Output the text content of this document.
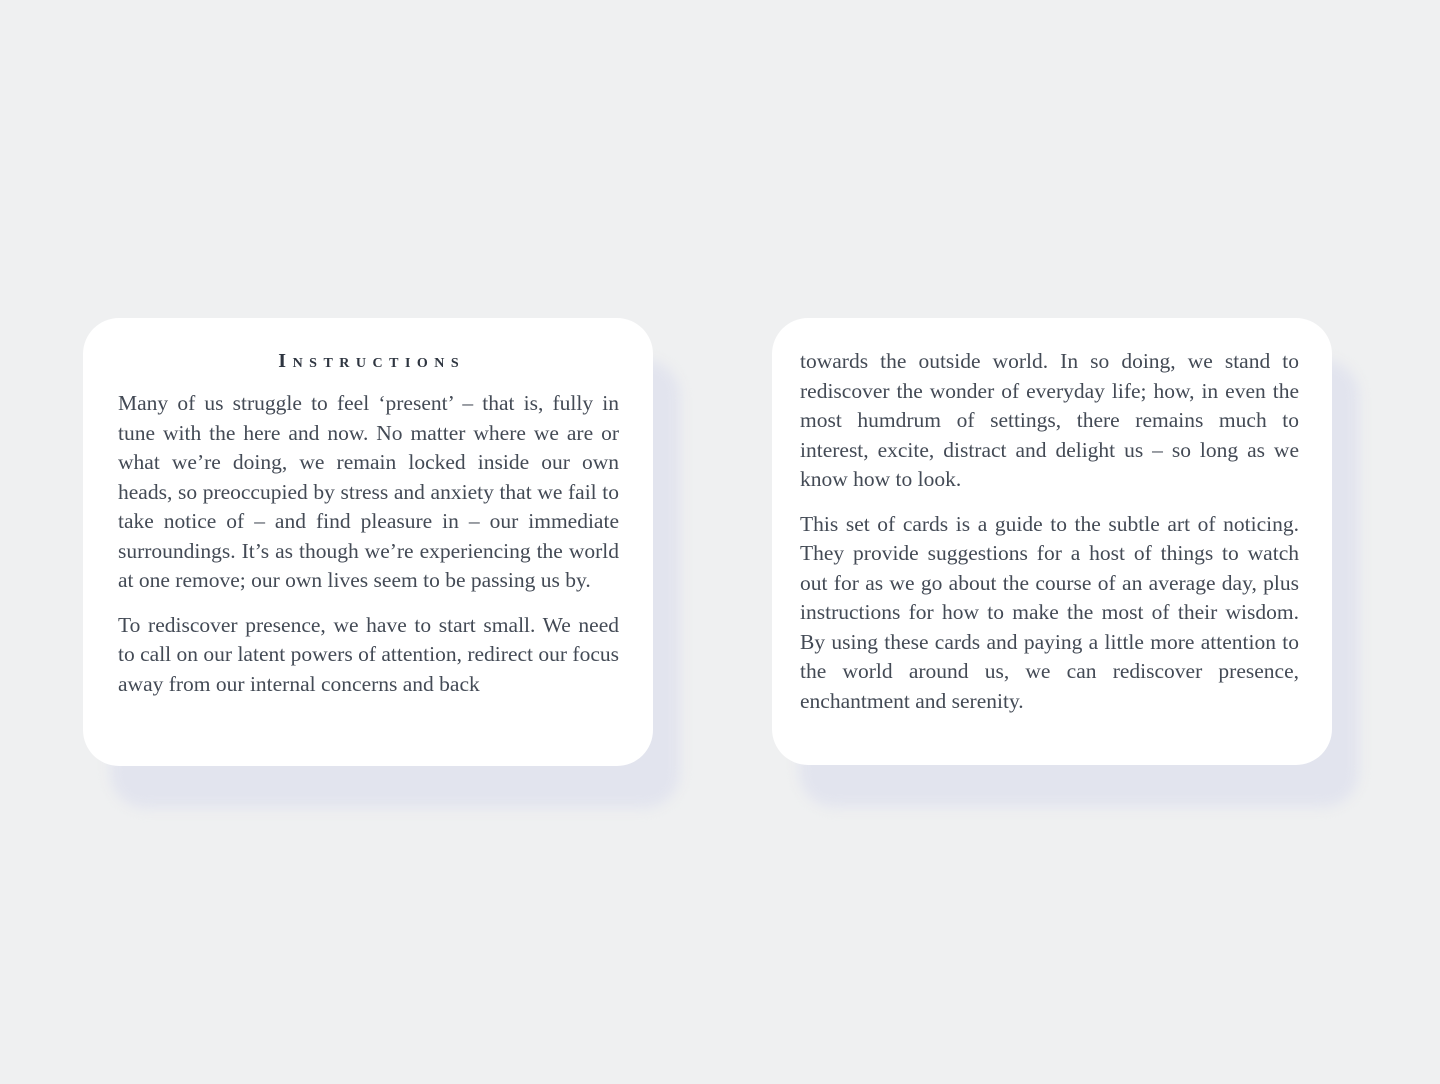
Instructions

Many of us struggle to feel ‘present’ – that is, fully in tune with the here and now. No matter where we are or what we’re doing, we remain locked inside our own heads, so preoccupied by stress and anxiety that we fail to take notice of – and find pleasure in – our immediate surroundings. It’s as though we’re experiencing the world at one remove; our own lives seem to be passing us by.

To rediscover presence, we have to start small. We need to call on our latent powers of attention, redirect our focus away from our internal concerns and back

towards the outside world. In so doing, we stand to rediscover the wonder of everyday life; how, in even the most humdrum of settings, there remains much to interest, excite, distract and delight us – so long as we know how to look.

This set of cards is a guide to the subtle art of noticing. They provide suggestions for a host of things to watch out for as we go about the course of an average day, plus instructions for how to make the most of their wisdom. By using these cards and paying a little more attention to the world around us, we can rediscover presence, enchantment and serenity.
